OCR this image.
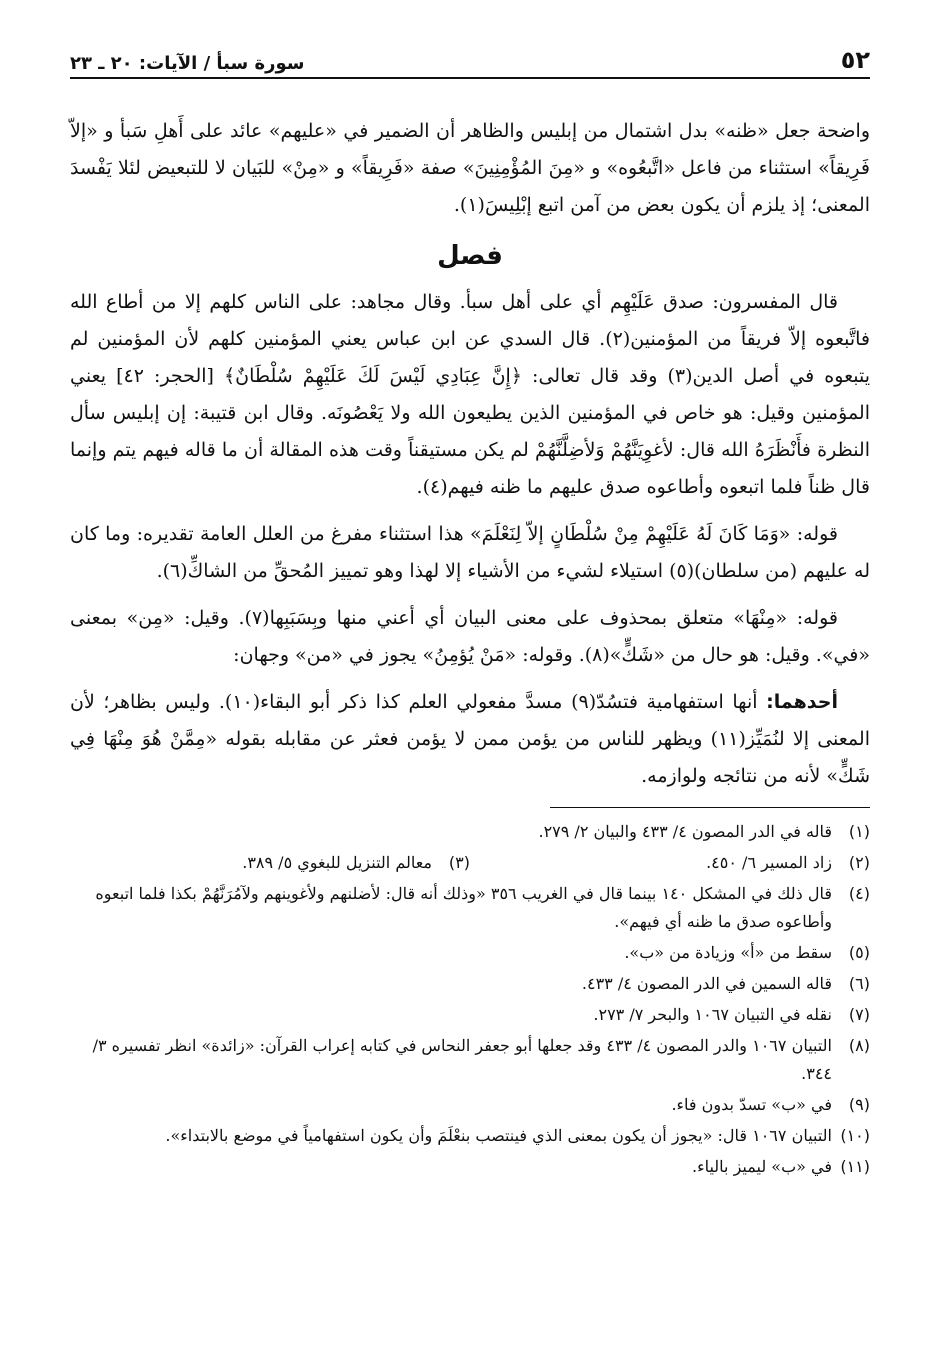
٥٢
سورة سبأ / الآيات: ٢٠ ـ ٢٣

واضحة جعل «ظنه» بدل اشتمال من إبليس والظاهر أن الضمير في «عليهم» عائد على أَهلِ سَبأ و «إلاّ فَرِيقاً» استثناء من فاعل «اتَّبعُوه» و «مِنَ المُؤْمِنِينَ» صفة «فَرِيقاً» و «مِنْ» للبَيان لا للتبعيض لئلا يَفْسدَ المعنى؛ إذ يلزم أن يكون بعض من آمن اتبع إبْلِيسَ(١).

فصل

قال المفسرون: صدق عَلَيْهِم أي على أهل سبأ. وقال مجاهد: على الناس كلهم إلا من أطاع الله فاتَّبعوه إلاّ فريقاً من المؤمنين(٢). قال السدي عن ابن عباس يعني المؤمنين كلهم لأن المؤمنين لم يتبعوه في أصل الدين(٣) وقد قال تعالى: ﴿إِنَّ عِبَادِي لَيْسَ لَكَ عَلَيْهِمْ سُلْطَانٌ﴾ [الحجر: ٤٢] يعني المؤمنين وقيل: هو خاص في المؤمنين الذين يطيعون الله ولا يَعْصُونَه. وقال ابن قتيبة: إن إبليس سأل النظرة فأَنْظَرَهُ الله قال: لأغوِيَنَّهُمْ وَلأضِلَّنَّهُمْ لم يكن مستيقناً وقت هذه المقالة أن ما قاله فيهم يتم وإنما قال ظناً فلما اتبعوه وأطاعوه صدق عليهم ما ظنه فيهم(٤).

قوله: «وَمَا كَانَ لَهُ عَلَيْهِمْ مِنْ سُلْطَانٍ إلاّ لِنَعْلَمَ» هذا استثناء مفرغ من العلل العامة تقديره: وما كان له عليهم (من سلطان)(٥) استيلاء لشيء من الأشياء إلا لهذا وهو تمييز المُحقِّ من الشاكِّ(٦).

قوله: «مِنْهَا» متعلق بمحذوف على معنى البيان أي أعني منها وبِسَبَبِها(٧). وقيل: «مِن» بمعنى «في». وقيل: هو حال من «شَكٍّ»(٨). وقوله: «مَنْ يُؤمِنُ» يجوز في «من» وجهان:

أحدهما: أنها استفهامية فتسُدّ(٩) مسدَّ مفعولي العلم كذا ذكر أبو البقاء(١٠). وليس بظاهر؛ لأن المعنى إلا لنُمَيِّز(١١) ويظهر للناس من يؤمن ممن لا يؤمن فعثر عن مقابله بقوله «مِمَّنْ هُوَ مِنْهَا فِي شَكٍّ» لأنه من نتائجه ولوازمه.

(١)
قاله في الدر المصون ٤/ ٤٣٣ والبيان ٢/ ٢٧٩.
(٢)
زاد المسير ٦/ ٤٥٠.
(٣)
معالم التنزيل للبغوي ٥/ ٣٨٩.
(٤)
قال ذلك في المشكل ١٤٠ بينما قال في الغريب ٣٥٦ «وذلك أنه قال: لأضلنهم ولأغوينهم ولآمُرَنَّهُمْ بكذا فلما اتبعوه وأطاعوه صدق ما ظنه أي فيهم».
(٥)
سقط من «أ» وزيادة من «ب».
(٦)
قاله السمين في الدر المصون ٤/ ٤٣٣.
(٧)
نقله في التبيان ١٠٦٧ والبحر ٧/ ٢٧٣.
(٨)
التبيان ١٠٦٧ والدر المصون ٤/ ٤٣٣ وقد جعلها أبو جعفر النحاس في كتابه إعراب القرآن: «زائدة» انظر تفسيره ٣/ ٣٤٤.
(٩)
في «ب» تسدّ بدون فاء.
(١٠)
التبيان ١٠٦٧ قال: «يجوز أن يكون بمعنى الذي فينتصب بنعْلَمَ وأن يكون استفهامياً في موضع بالابتداء».
(١١)
في «ب» ليميز بالياء.
